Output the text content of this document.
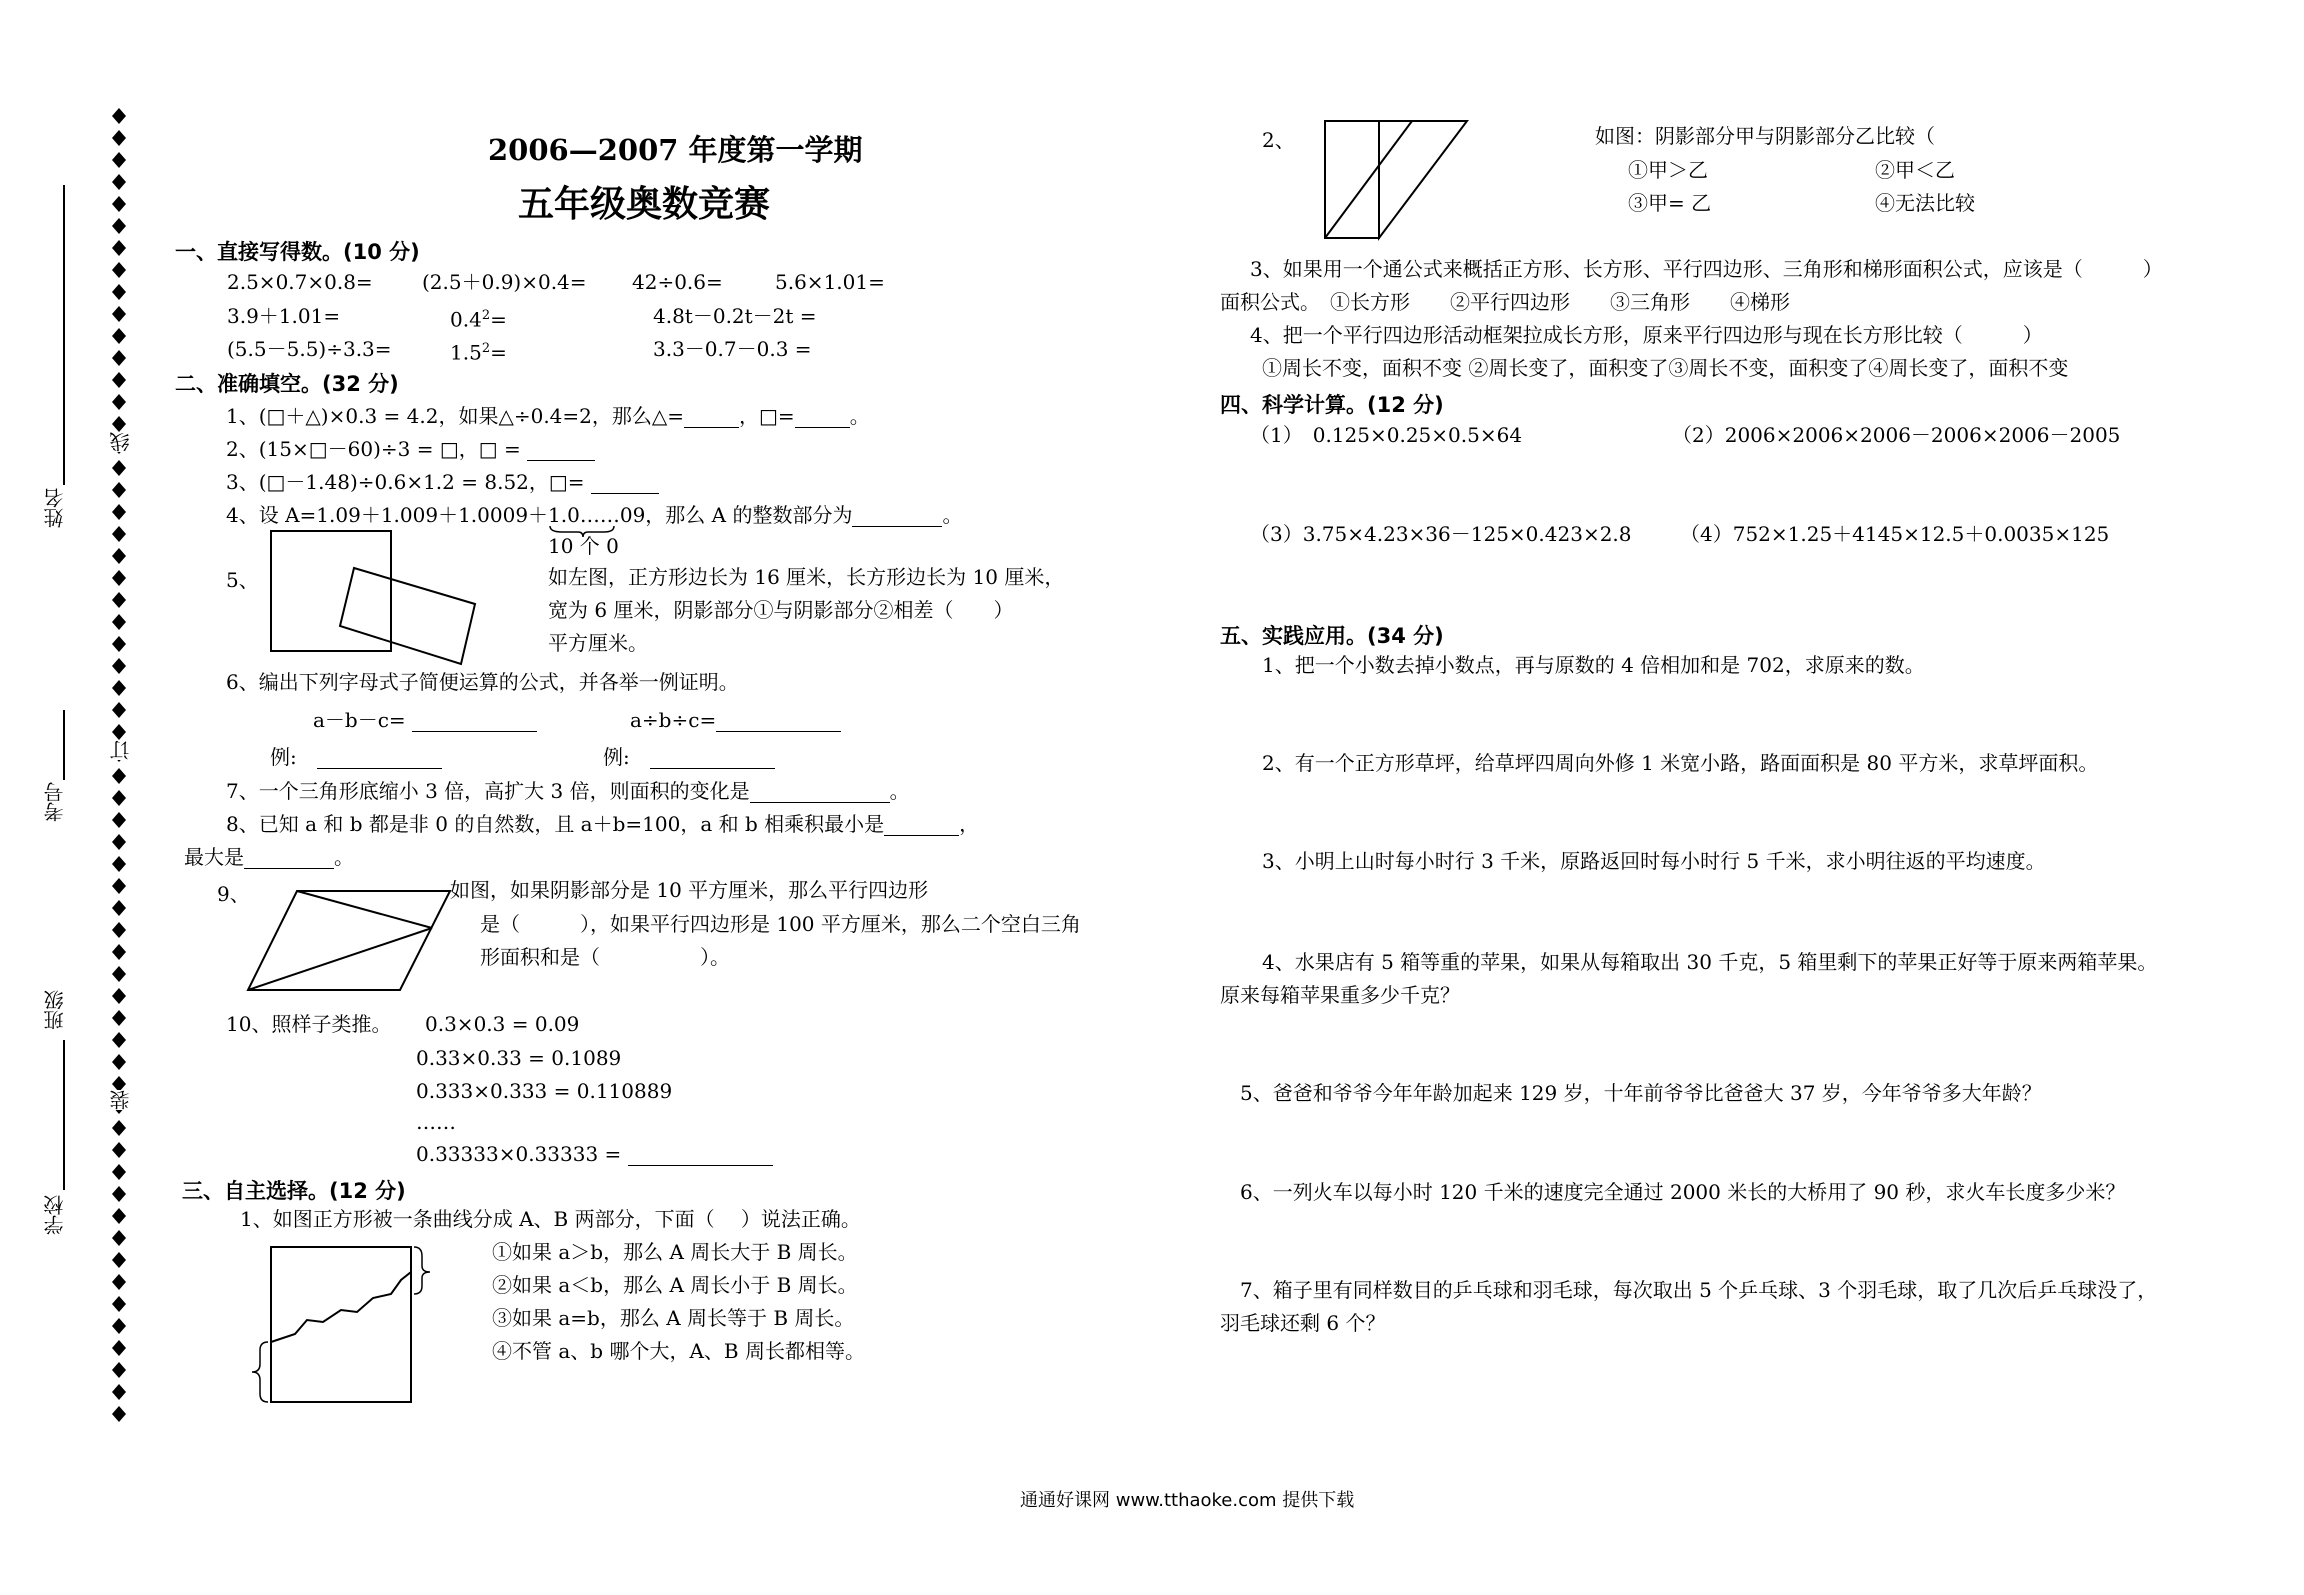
姓名
考号
班级
学校
线
订
装
2006—2007 年度第一学期
五年级奥数竞赛
一、直接写得数。(10 分)
2.5×0.7×0.8= (2.5＋0.9)×0.4= 42÷0.6=	5.6×1.01=
3.9＋1.01=	$0.4^2=$	4.8t－0.2t－2t =
(5.5－5.5)÷3.3=	$1.5^2=$	3.3－0.7－0.3 =
二、准确填空。(32 分)
1、(□＋△)×0.3 = 4.2，如果△÷0.4=2，那么△=	，□=	。
2、(15×□－60)÷3 = □，□ =
3、(□－1.48)÷0.6×1.2 = 8.52，□=
4、设 A=1.09＋1.009＋1.0009＋1.0……09，那么 A 的整数部分为	。
10 个 0
5、	如左图，正方形边长为 16 厘米，长方形边长为 10 厘米，
宽为 6 厘米，阴影部分①与阴影部分②相差（　　）
平方厘米。
6、编出下列字母式子简便运算的公式，并各举一例证明。
a－b－c=	a÷b÷c=
例:　	例:　
7、一个三角形底缩小 3 倍，高扩大 3 倍，则面积的变化是	。
8、已知 a 和 b 都是非 0 的自然数，且 a＋b=100，a 和 b 相乘积最小是	，
最大是	。
9、	如图，如果阴影部分是 10 平方厘米，那么平行四边形
是（　　　），如果平行四边形是 100 平方厘米，那么二个空白三角
形面积和是（　　　　　）。
10、照样子类推。 0.3×0.3 = 0.09
0.33×0.33 = 0.1089
0.333×0.333 = 0.110889
……
0.33333×0.33333 =
三、自主选择。(12 分)
1、如图正方形被一条曲线分成 A、B 两部分，下面（　 ）说法正确。
①如果 a＞b，那么 A 周长大于 B 周长。
②如果 a＜b，那么 A 周长小于 B 周长。
③如果 a=b，那么 A 周长等于 B 周长。
④不管 a、b 哪个大，A、B 周长都相等。
2、	如图：阴影部分甲与阴影部分乙比较（
①甲＞乙	②甲＜乙
③甲= 乙	④无法比较
3、如果用一个通公式来概括正方形、长方形、平行四边形、三角形和梯形面积公式，应该是（　　　）
面积公式。　①长方形　　②平行四边形　　③三角形　　④梯形
4、把一个平行四边形活动框架拉成长方形，原来平行四边形与现在长方形比较（　　　）
①周长不变，面积不变 ②周长变了，面积变了③周长不变，面积变了④周长变了，面积不变
四、科学计算。(12 分)
（1）　0.125×0.25×0.5×64	（2）2006×2006×2006－2006×2006－2005
（3）3.75×4.23×36－125×0.423×2.8 （4）752×1.25＋4145×12.5＋0.0035×125
五、实践应用。(34 分)
1、把一个小数去掉小数点，再与原数的 4 倍相加和是 702，求原来的数。
2、有一个正方形草坪，给草坪四周向外修 1 米宽小路，路面面积是 80 平方米，求草坪面积。
3、小明上山时每小时行 3 千米，原路返回时每小时行 5 千米，求小明往返的平均速度。
4、水果店有 5 箱等重的苹果，如果从每箱取出 30 千克，5 箱里剩下的苹果正好等于原来两箱苹果。
原来每箱苹果重多少千克？
5、爸爸和爷爷今年年龄加起来 129 岁，十年前爷爷比爸爸大 37 岁，今年爷爷多大年龄？
6、一列火车以每小时 120 千米的速度完全通过 2000 米长的大桥用了 90 秒，求火车长度多少米？
7、箱子里有同样数目的乒乓球和羽毛球，每次取出 5 个乒乓球、3 个羽毛球，取了几次后乒乓球没了，
羽毛球还剩 6 个？
通通好课网 www.tthaoke.com 提供下载
